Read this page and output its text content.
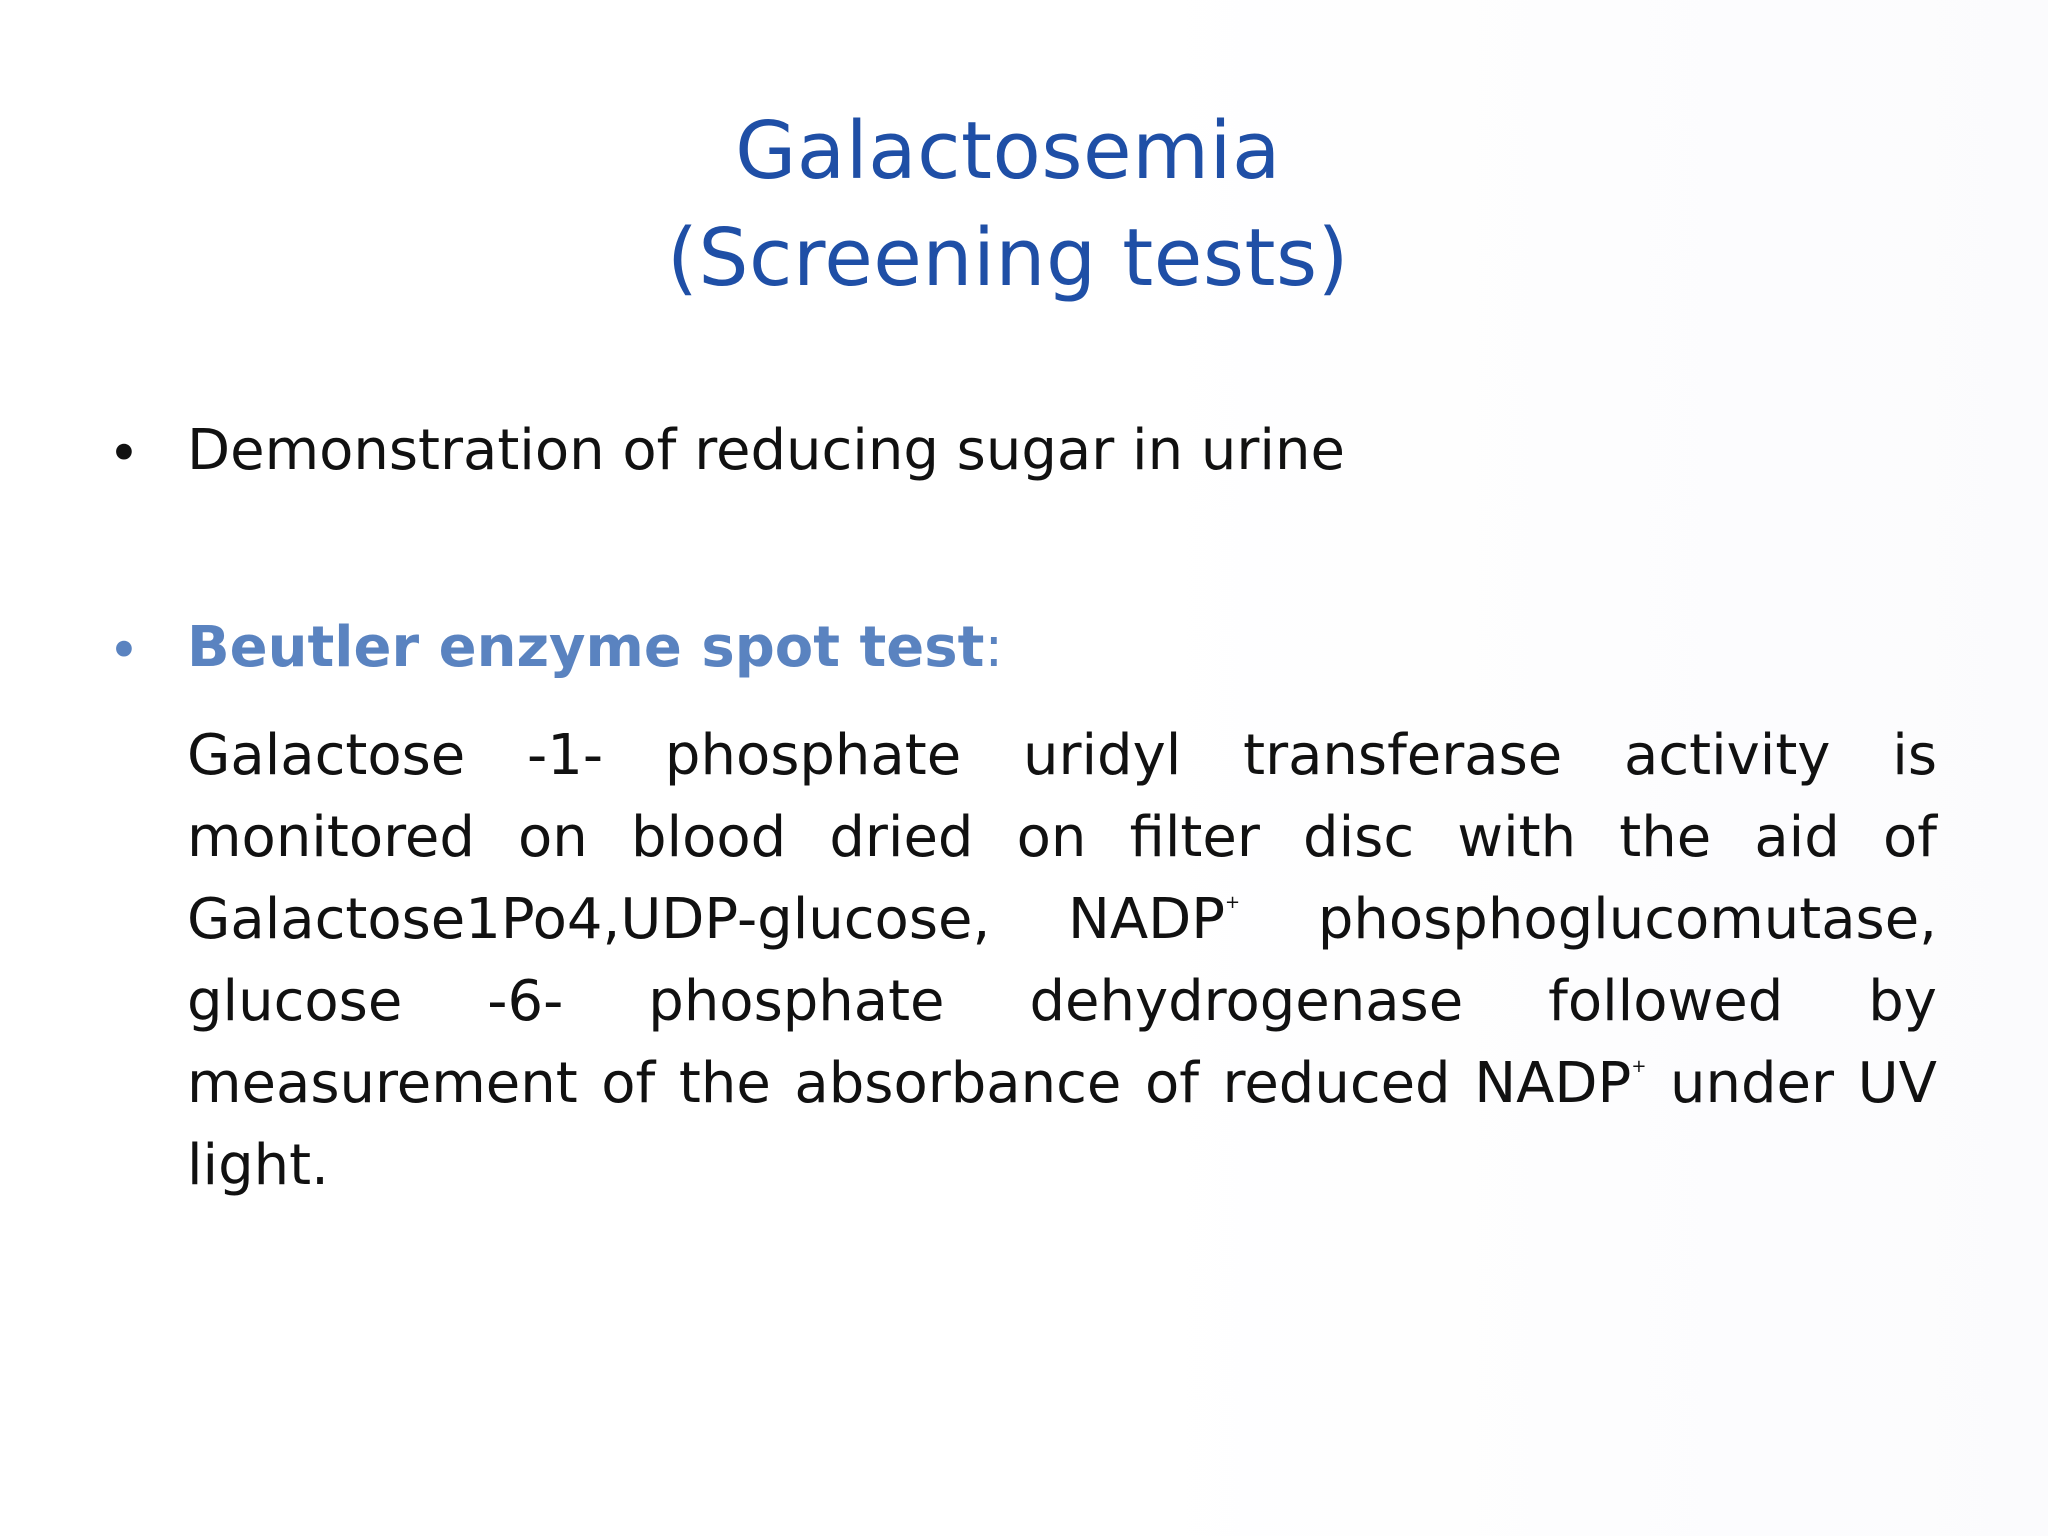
Galactosemia
(Screening tests)
• Demonstration of reducing sugar in urine
• Beutler enzyme spot test:
Galactose -1- phosphate uridyl transferase activity is
monitored on blood dried on filter disc with the aid of
Galactose1Po4,UDP-glucose, NADP+ phosphoglucomutase,
glucose -6- phosphate dehydrogenase followed by
measurement of the absorbance of reduced NADP+ under UV
light.
